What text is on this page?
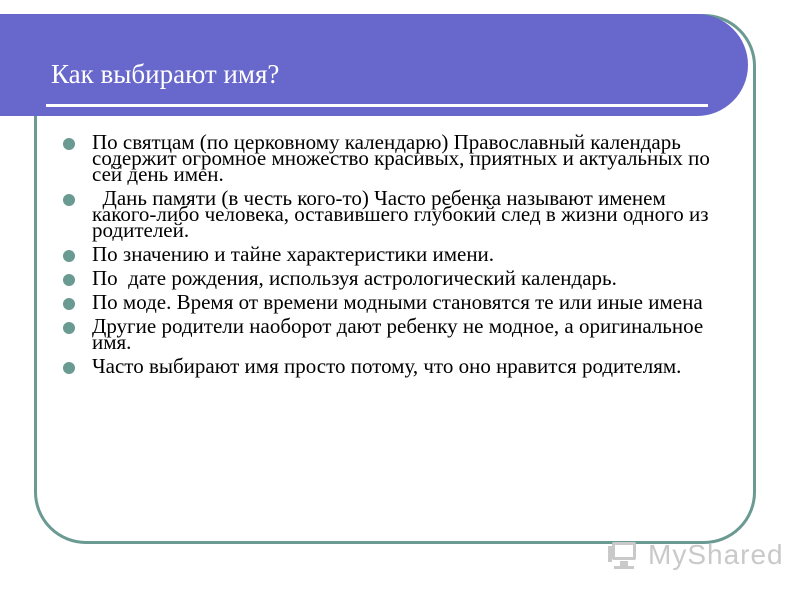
Как выбирают имя?
По святцам (по церковному календарю) Православный календарь содержит огромное множество красивых, приятных и актуальных по сей день имен.
Дань памяти (в честь кого-то) Часто ребенка называют именем какого-либо человека, оставившего глубокий след в жизни одного из родителей.
По значению и тайне характеристики имени.
По  дате рождения, используя астрологический календарь.
По моде. Время от времени модными становятся те или иные имена
Другие родители наоборот дают ребенку не модное, а оригинальное имя.
Часто выбирают имя просто потому, что оно нравится родителям.
MyShared
